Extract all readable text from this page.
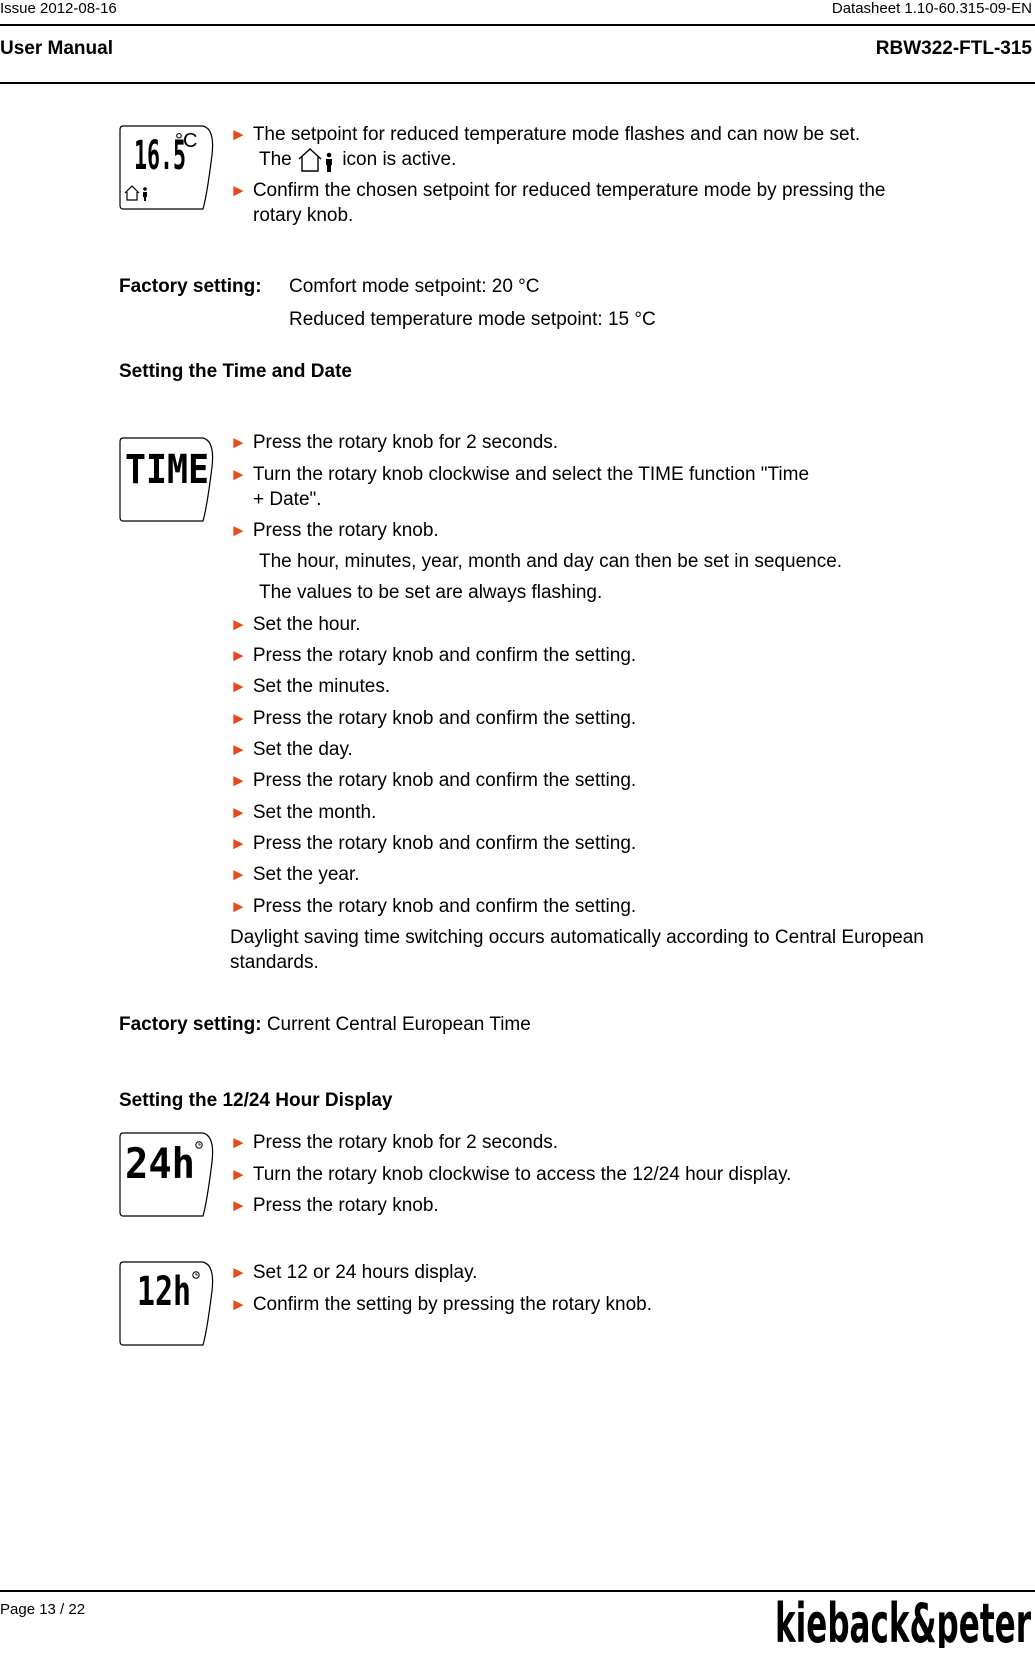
Issue 2012-08-16	Datasheet 1.10-60.315-09-EN
User Manual	RBW322-FTL-315
16.5
°C ► The setpoint for reduced temperature mode flashes and can now be set.
The	icon is active.
► Confirm the chosen setpoint for reduced temperature mode by pressing the
rotary knob.
Factory setting: Comfort mode setpoint: 20 °C
Reduced temperature mode setpoint: 15 °C
Setting the Time and Date
TIME
► Press the rotary knob for 2 seconds.
► Turn the rotary knob clockwise and select the TIME function "Time
+ Date".
► Press the rotary knob.
The hour, minutes, year, month and day can then be set in sequence.
The values to be set are always flashing.
► Set the hour.
► Press the rotary knob and confirm the setting.
► Set the minutes.
► Press the rotary knob and confirm the setting.
► Set the day.
► Press the rotary knob and confirm the setting.
► Set the month.
► Press the rotary knob and confirm the setting.
► Set the year.
► Press the rotary knob and confirm the setting.
Daylight saving time switching occurs automatically according to Central European
standards.
Factory setting: Current Central European Time
Setting the 12/24 Hour Display
24h ► Press the rotary knob for 2 seconds.
► Turn the rotary knob clockwise to access the 12/24 hour display.
► Press the rotary knob.
12h ► Set 12 or 24 hours display.
► Confirm the setting by pressing the rotary knob.
Page 13 / 22	kieback&peter
